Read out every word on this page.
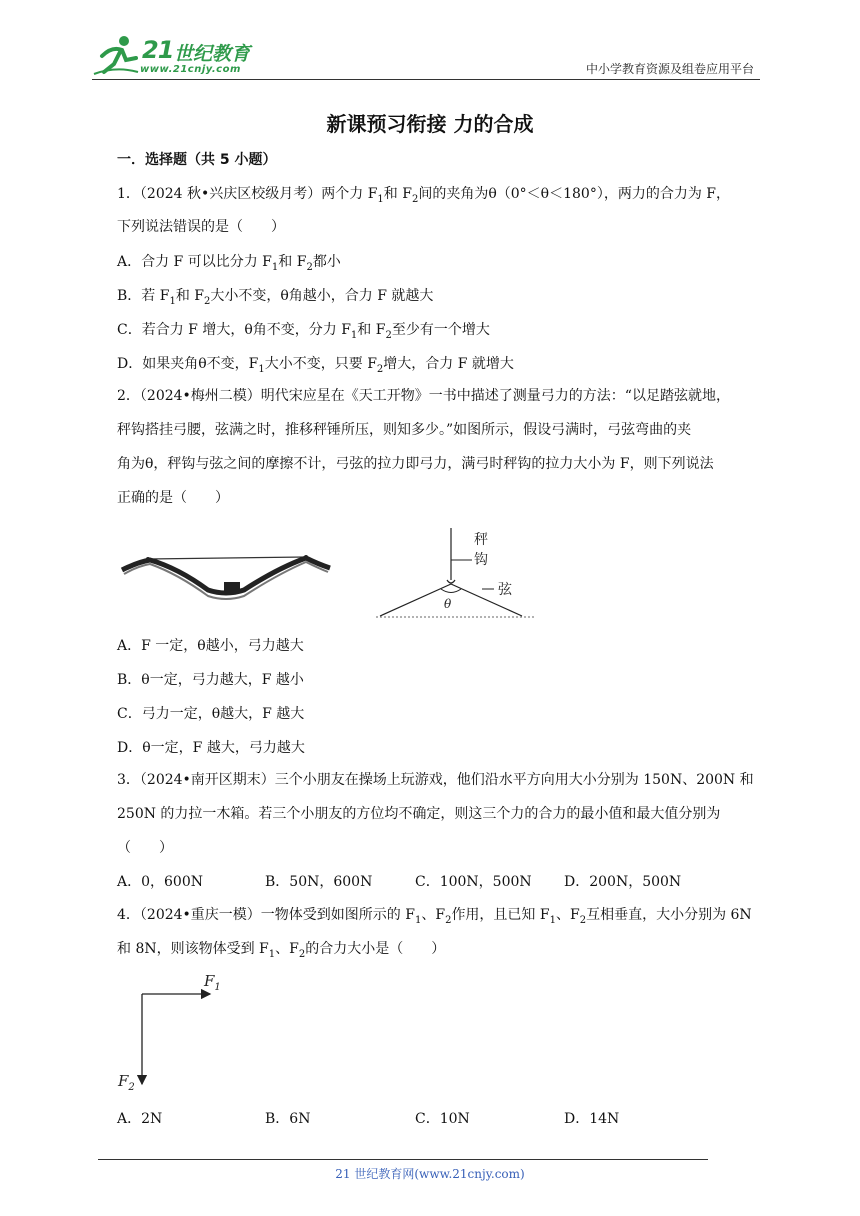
21 世纪教育
www.21cnjy.com	中小学教育资源及组卷应用平台
新课预习衔接 力的合成
一．选择题（共 5 小题）
1．（2024 秋•兴庆区校级月考）两个力 $F_1$和 $F_2$间的夹角为θ（0°＜θ＜180°），两力的合力为 F，
下列说法错误的是（　　）
A．合力 F 可以比分力 $F_1$和 $F_2$都小
B．若 $F_1$和 $F_2$大小不变，θ角越小，合力 F 就越大
C．若合力 F 增大，θ角不变，分力 $F_1$和 $F_2$至少有一个增大
D．如果夹角θ不变，$F_1$大小不变，只要 $F_2$增大，合力 F 就增大
2．（2024•梅州二模）明代宋应星在《天工开物》一书中描述了测量弓力的方法：“以足踏弦就地，
秤钩搭挂弓腰，弦满之时，推移秤锤所压，则知多少。”如图所示，假设弓满时，弓弦弯曲的夹
角为θ，秤钩与弦之间的摩擦不计，弓弦的拉力即弓力，满弓时秤钩的拉力大小为 F，则下列说法
正确的是（　　）
秤
钩
弦
θ
A．F 一定，θ越小，弓力越大
B．θ一定，弓力越大，F 越小
C．弓力一定，θ越大，F 越大
D．θ一定，F 越大，弓力越大
3．（2024•南开区期末）三个小朋友在操场上玩游戏，他们沿水平方向用大小分别为 150N、200N 和
250N 的力拉一木箱。若三个小朋友的方位均不确定，则这三个力的合力的最小值和最大值分别为
（　　）
A．0，600N	B．50N，600N	C．100N，500N D．200N，500N
4．（2024•重庆一模）一物体受到如图所示的 $F_1$、$F_2$作用，且已知 $F_1$、$F_2$互相垂直，大小分别为 6N
和 8N，则该物体受到 $F_1$、$F_2$的合力大小是（　　）
$F_1$
$F_2$
A．2N	B．6N	C．10N	D．14N
21 世纪教育网(www.21cnjy.com)
